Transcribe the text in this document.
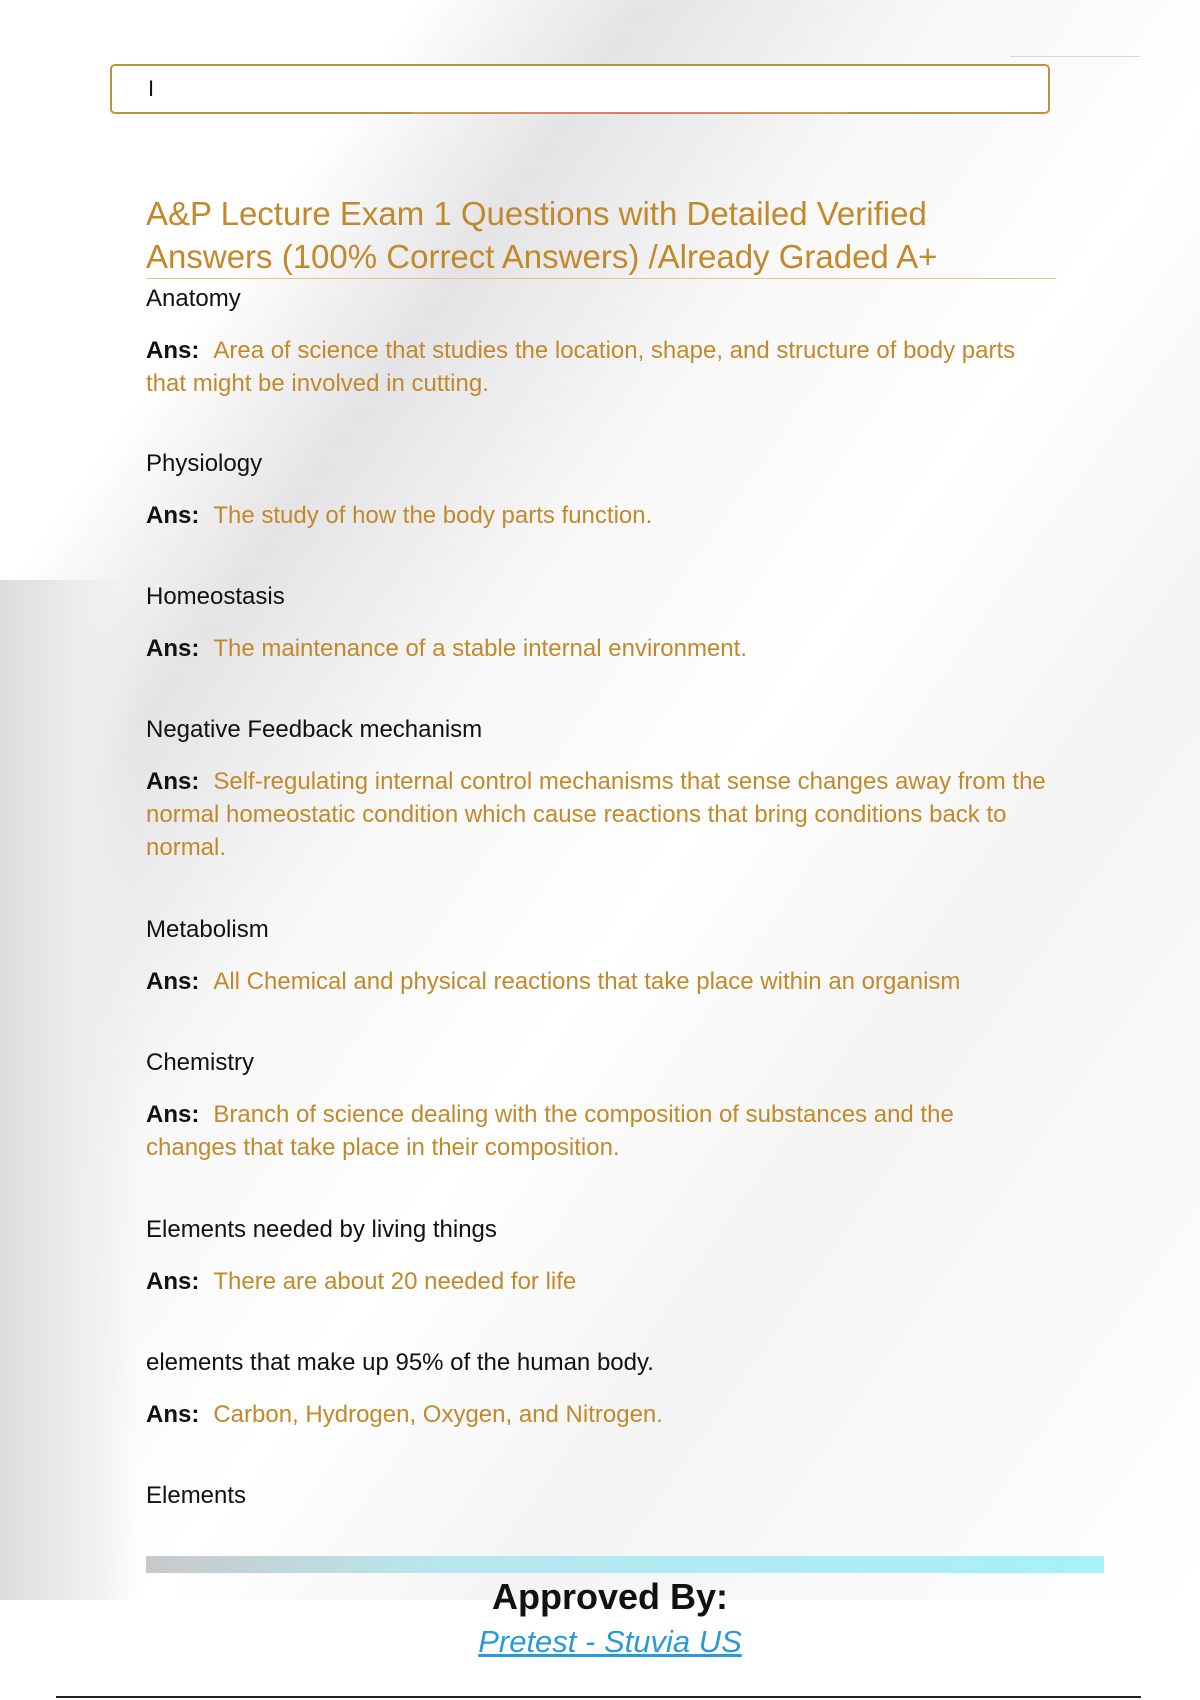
I
A&P Lecture Exam 1 Questions with Detailed Verified Answers (100% Correct Answers) /Already Graded A+
Anatomy
Ans: Area of science that studies the location, shape, and structure of body parts that might be involved in cutting.
Physiology
Ans: The study of how the body parts function.
Homeostasis
Ans: The maintenance of a stable internal environment.
Negative Feedback mechanism
Ans: Self-regulating internal control mechanisms that sense changes away from the normal homeostatic condition which cause reactions that bring conditions back to normal.
Metabolism
Ans: All Chemical and physical reactions that take place within an organism
Chemistry
Ans: Branch of science dealing with the composition of substances and the changes that take place in their composition.
Elements needed by living things
Ans: There are about 20 needed for life
elements that make up 95% of the human body.
Ans: Carbon, Hydrogen, Oxygen, and Nitrogen.
Elements
Approved By:
Pretest - Stuvia US
